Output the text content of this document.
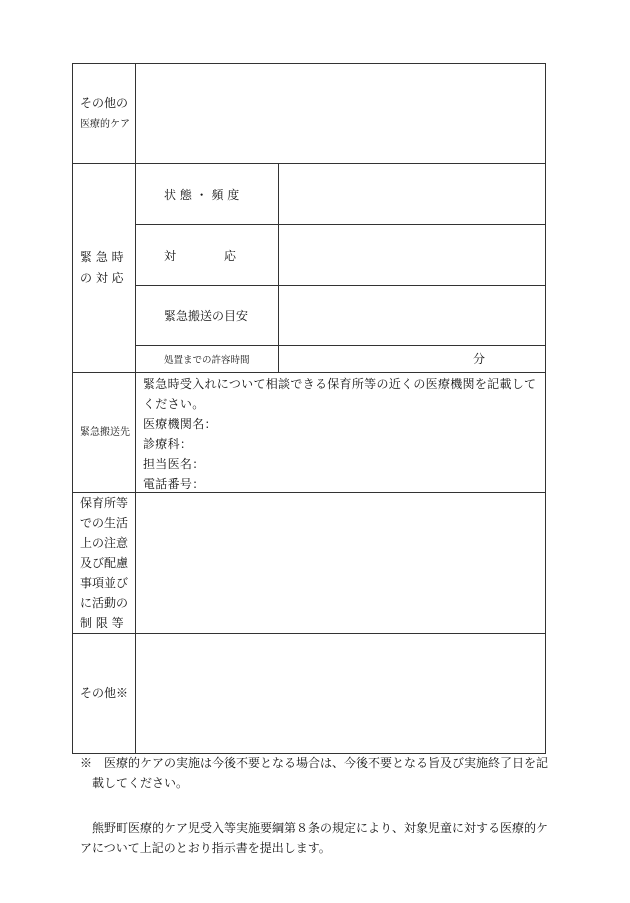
その他の
医療的ケア
緊 急 時
の 対 応
状 態 ・ 頻 度
対　　　　応
緊急搬送の目安
処置までの許容時間	分
緊急搬送先
緊急時受入れについて相談できる保育所等の近くの医療機関を記載して
ください。
医療機関名：
診療科：
担当医名：
電話番号：
保育所等
での生活
上の注意
及び配慮
事項並び
に活動の
制 限 等
その他※
※　医療的ケアの実施は今後不要となる場合は、今後不要となる旨及び実施終了日を記
載してください。
熊野町医療的ケア児受入等実施要綱第８条の規定により、対象児童に対する医療的ケ
アについて上記のとおり指示書を提出します。
